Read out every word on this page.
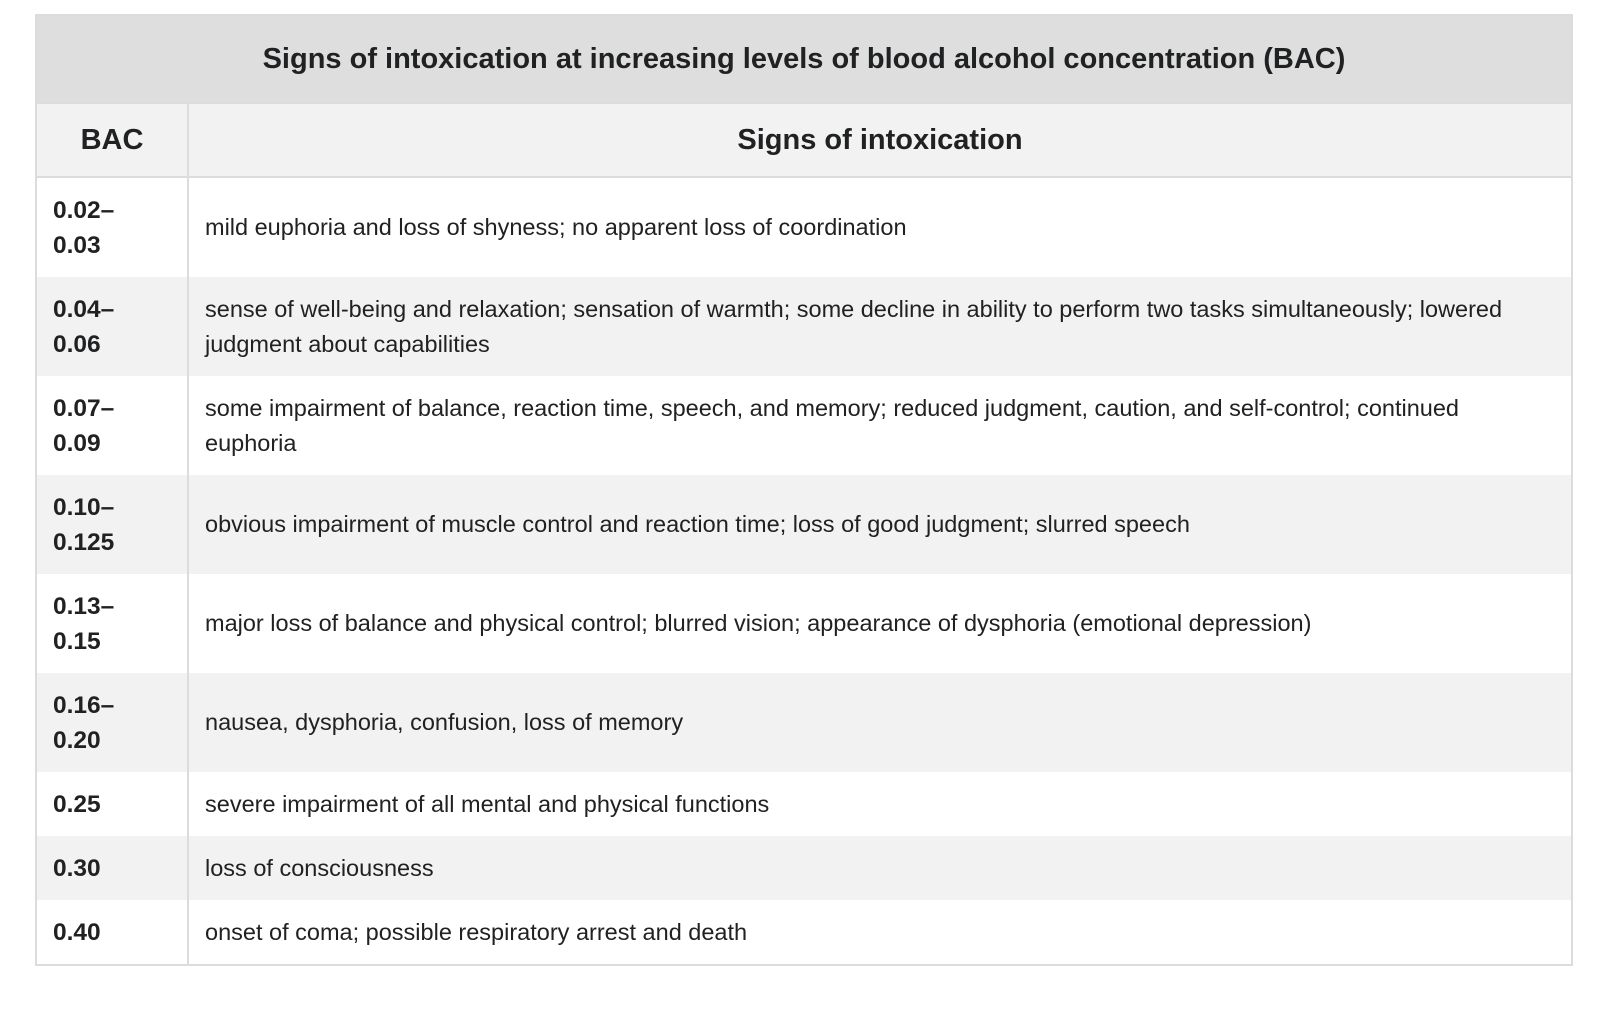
Signs of intoxication at increasing levels of blood alcohol concentration (BAC)
BAC	Signs of intoxication
0.02–
0.03	mild euphoria and loss of shyness; no apparent loss of coordination
0.04–
0.06	sense of well-being and relaxation; sensation of warmth; some decline in ability to perform two tasks simultaneously; lowered judgment about capabilities
0.07–
0.09	some impairment of balance, reaction time, speech, and memory; reduced judgment, caution, and self-control; continued euphoria
0.10–
0.125	obvious impairment of muscle control and reaction time; loss of good judgment; slurred speech
0.13–
0.15	major loss of balance and physical control; blurred vision; appearance of dysphoria (emotional depression)
0.16–
0.20	nausea, dysphoria, confusion, loss of memory
0.25	severe impairment of all mental and physical functions
0.30	loss of consciousness
0.40	onset of coma; possible respiratory arrest and death
